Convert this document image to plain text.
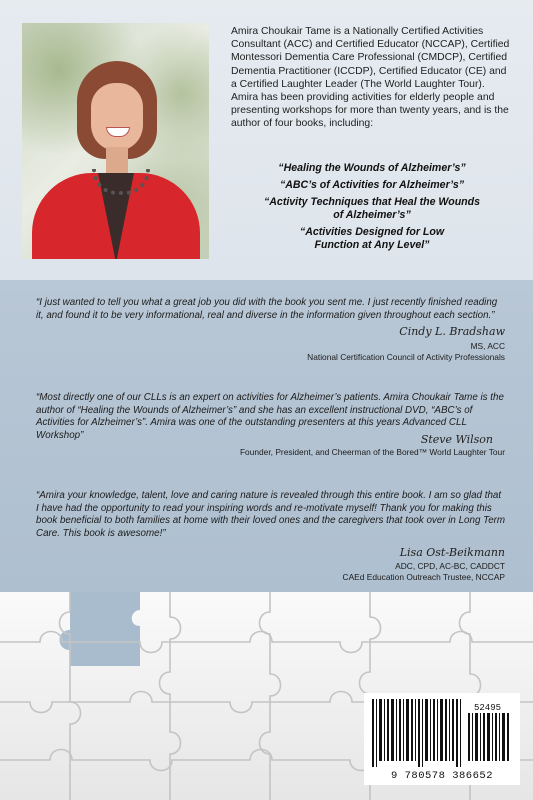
Amira Choukair Tame is a Nationally Certified Activities Consultant (ACC) and Certified Educator (NCCAP), Certified Montessori Dementia Care Professional (CMDCP), Certified Dementia Practitioner (ICCDP), Certified Educator (CE) and a Certified Laughter Leader (The World Laughter Tour). Amira has been providing activities for elderly people and presenting workshops for more than twenty years, and is the author of four books, including:
“Healing the Wounds of Alzheimer’s”
“ABC’s of Activities for Alzheimer’s”
“Activity Techniques that Heal the Wounds of Alzheimer’s”
“Activities Designed for Low Function at Any Level”
“I just wanted to tell you what a great job you did with the book you sent me. I just recently finished reading it, and found it to be very informational, real and diverse in the information given throughout each section.”
Cindy L. Bradshaw
MS, ACC
National Certification Council of Activity Professionals
“Most directly one of our CLLs is an expert on activities for Alzheimer’s patients. Amira Choukair Tame is the author of “Healing the Wounds of Alzheimer’s” and she has an excellent instructional DVD, “ABC’s of Activities for Alzheimer’s”. Amira was one of the outstanding presenters at this years Advanced CLL Workshop”	Steve Wilson
Founder, President, and Cheerman of the Bored™ World Laughter Tour
“Amira your knowledge, talent, love and caring nature is revealed through this entire book. I am so glad that I have had the opportunity to read your inspiring words and re-motivate myself! Thank you for making this book beneficial to both families at home with their loved ones and the caregivers that took over in Long Term Care. This book is awesome!”
Lisa Ost-Beikmann
ADC, CPD, AC-BC, CADDCT
CAEd Education Outreach Trustee, NCCAP
52495
9 780578 386652
